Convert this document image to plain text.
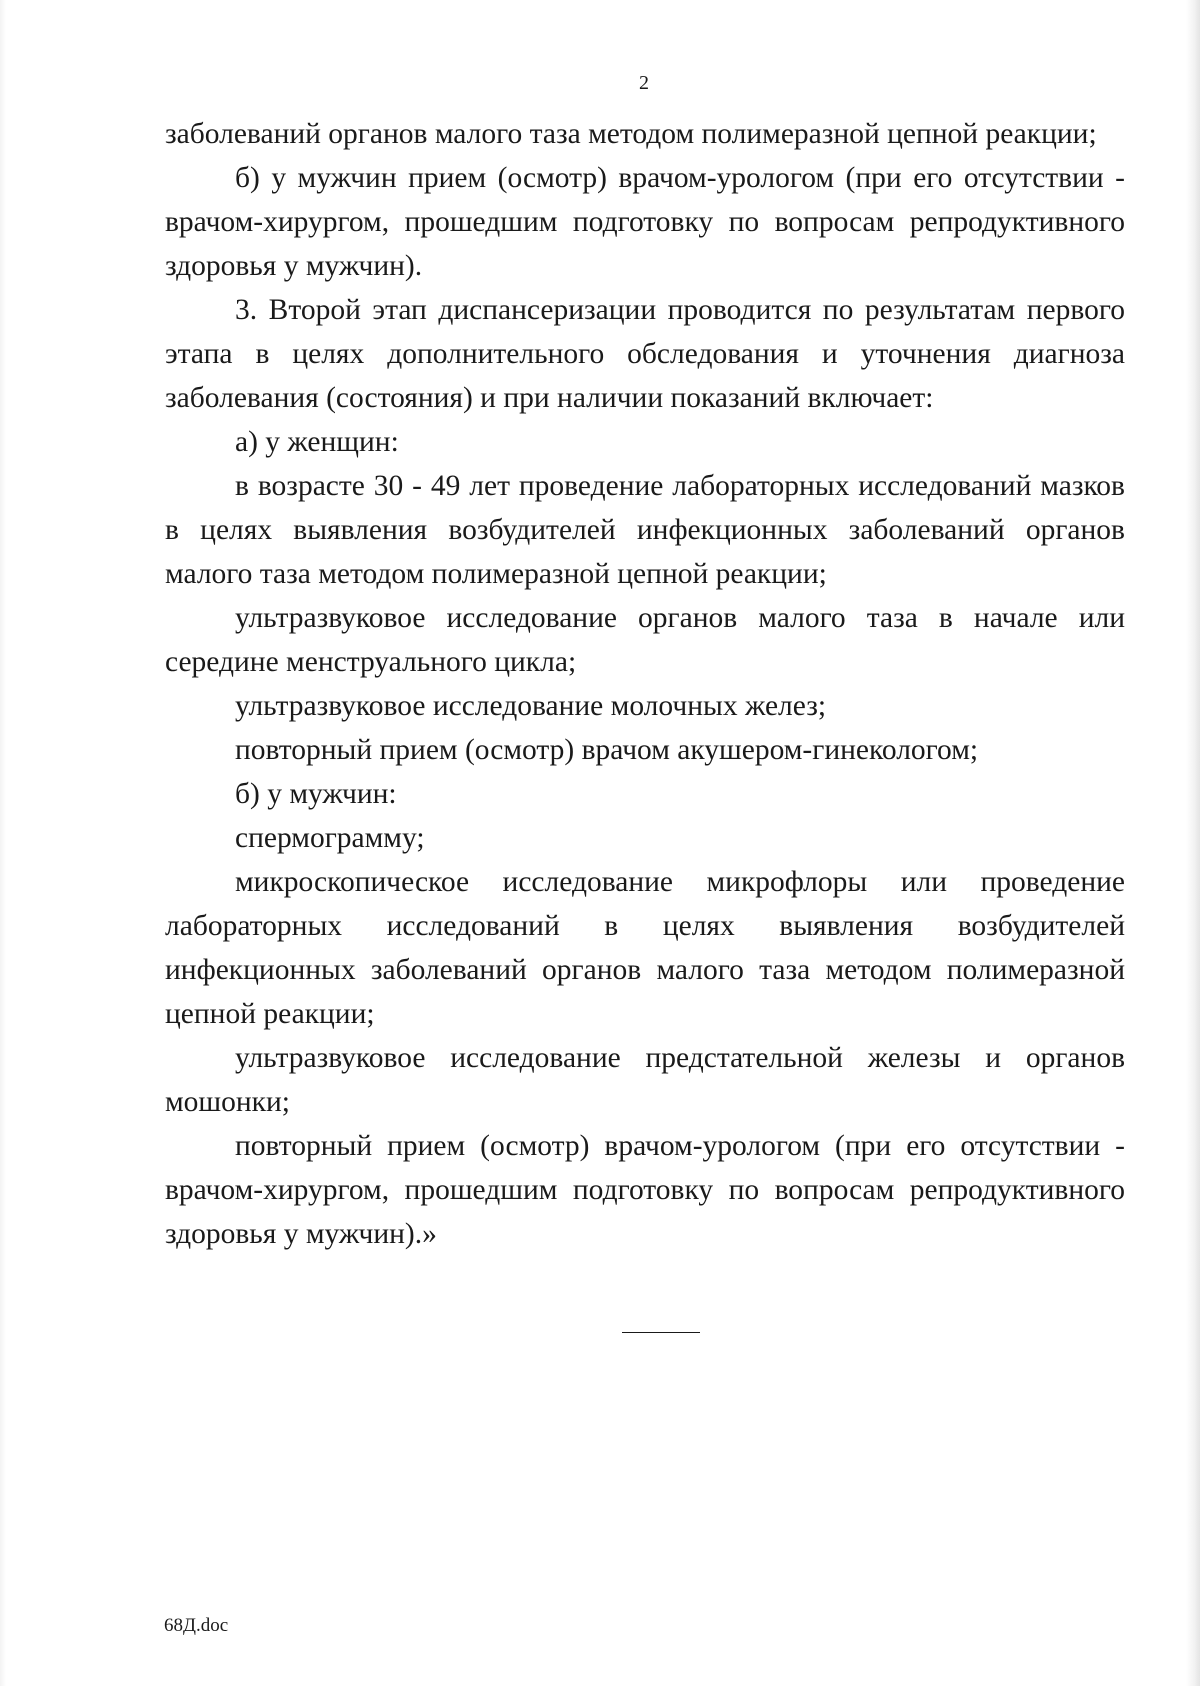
2

заболеваний органов малого таза методом полимеразной цепной реакции;

б) у мужчин прием (осмотр) врачом-урологом (при его отсутствии - врачом-хирургом, прошедшим подготовку по вопросам репродуктивного здоровья у мужчин).

3. Второй этап диспансеризации проводится по результатам первого этапа в целях дополнительного обследования и уточнения диагноза заболевания (состояния) и при наличии показаний включает:

а) у женщин:

в возрасте 30 - 49 лет проведение лабораторных исследований мазков в целях выявления возбудителей инфекционных заболеваний органов малого таза методом полимеразной цепной реакции;

ультразвуковое исследование органов малого таза в начале или середине менструального цикла;

ультразвуковое исследование молочных желез;

повторный прием (осмотр) врачом акушером-гинекологом;

б) у мужчин:

спермограмму;

микроскопическое исследование микрофлоры или проведение лабораторных исследований в целях выявления возбудителей инфекционных заболеваний органов малого таза методом полимеразной цепной реакции;

ультразвуковое исследование предстательной железы и органов мошонки;

повторный прием (осмотр) врачом-урологом (при его отсутствии - врачом-хирургом, прошедшим подготовку по вопросам репродуктивного здоровья у мужчин).»

68Д.doc
